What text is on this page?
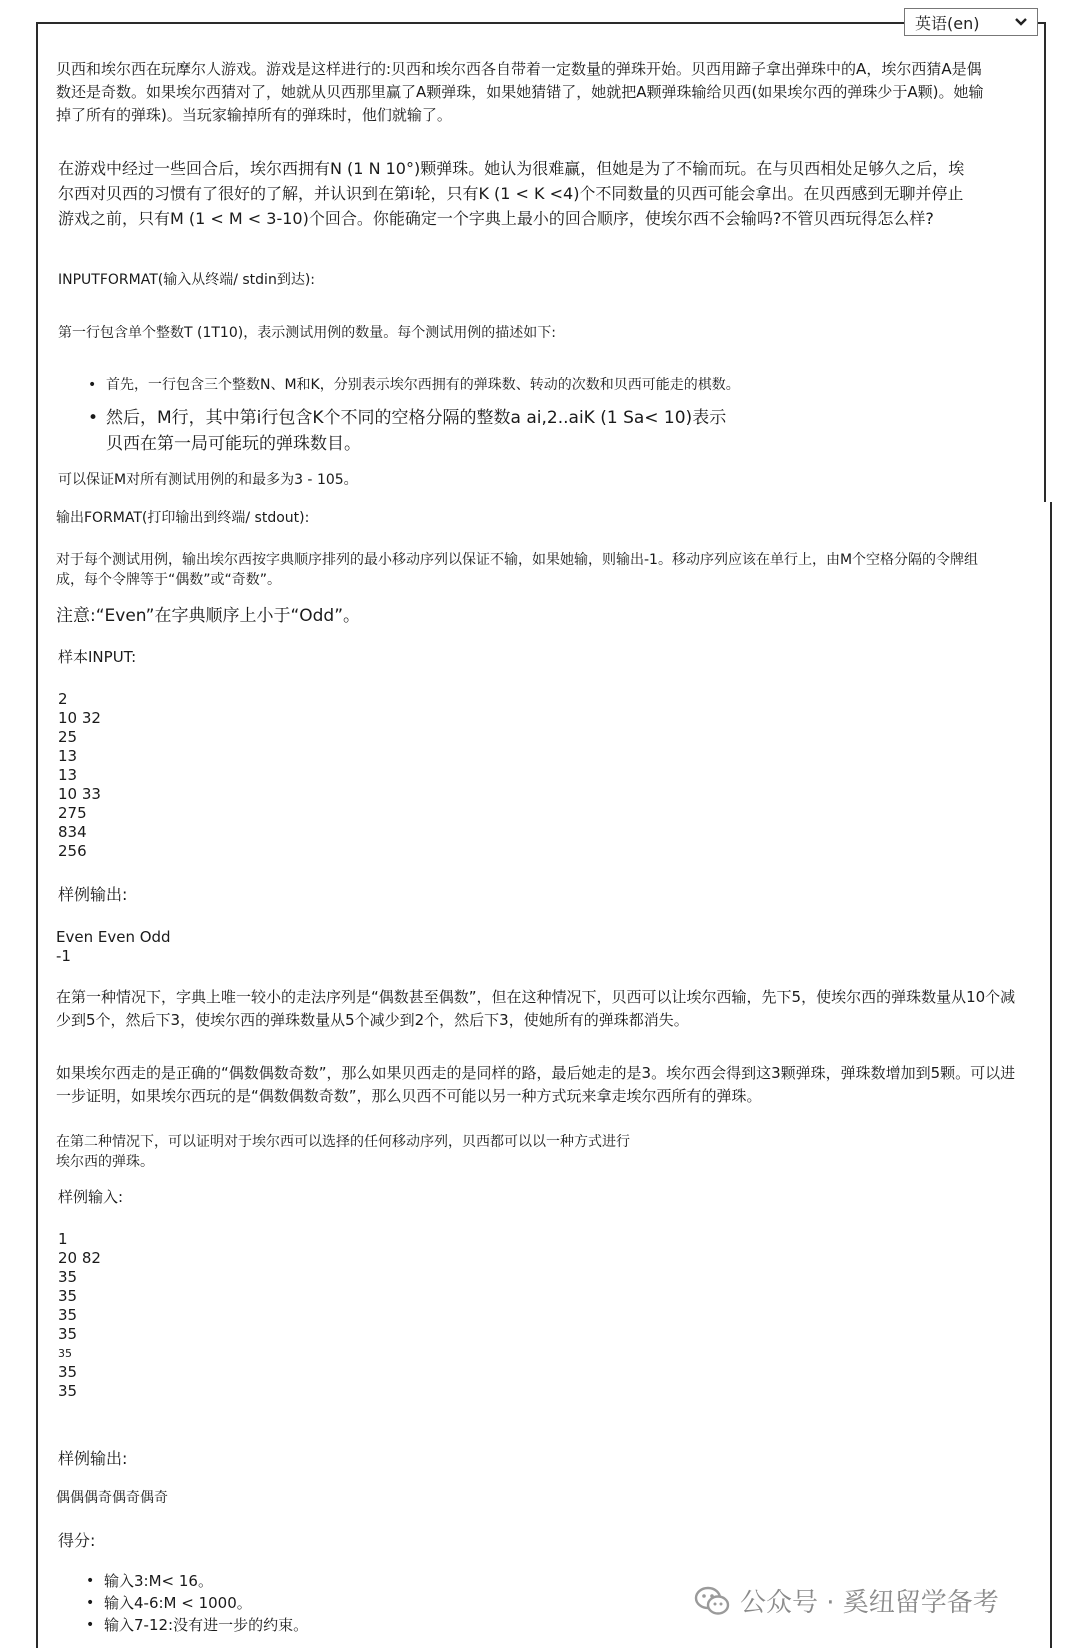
英语(en)

贝西和埃尔西在玩摩尔人游戏。游戏是这样进行的:贝西和埃尔西各自带着一定数量的弹珠开始。贝西用蹄子拿出弹珠中的A，埃尔西猜A是偶数还是奇数。如果埃尔西猜对了，她就从贝西那里赢了A颗弹珠，如果她猜错了，她就把A颗弹珠输给贝西(如果埃尔西的弹珠少于A颗)。她输掉了所有的弹珠)。当玩家输掉所有的弹珠时，他们就输了。

在游戏中经过一些回合后，埃尔西拥有N (1 N 10°)颗弹珠。她认为很难赢，但她是为了不输而玩。在与贝西相处足够久之后，埃尔西对贝西的习惯有了很好的了解，并认识到在第i轮，只有K (1 < K <4)个不同数量的贝西可能会拿出。在贝西感到无聊并停止游戏之前，只有M (1 < M < 3-10)个回合。你能确定一个字典上最小的回合顺序，使埃尔西不会输吗?不管贝西玩得怎么样?

INPUTFORMAT(输入从终端/ stdin到达):

第一行包含单个整数T (1T10)，表示测试用例的数量。每个测试用例的描述如下:

• 首先，一行包含三个整数N、M和K，分别表示埃尔西拥有的弹珠数、转动的次数和贝西可能走的棋数。
• 然后，M行，其中第i行包含K个不同的空格分隔的整数a ai,2..aiK (1 Sa< 10)表示
贝西在第一局可能玩的弹珠数目。

可以保证M对所有测试用例的和最多为3 - 105。

输出FORMAT(打印输出到终端/ stdout):

对于每个测试用例，输出埃尔西按字典顺序排列的最小移动序列以保证不输，如果她输，则输出-1。移动序列应该在单行上，由M个空格分隔的令牌组成，每个令牌等于“偶数”或“奇数”。

注意:“Even”在字典顺序上小于“Odd”。

样本INPUT:

2
10 32
25
13
13
10 33
275
834
256

样例输出:

Even Even Odd
-1

在第一种情况下，字典上唯一较小的走法序列是“偶数甚至偶数”，但在这种情况下，贝西可以让埃尔西输，先下5，使埃尔西的弹珠数量从10个减少到5个，然后下3，使埃尔西的弹珠数量从5个减少到2个，然后下3，使她所有的弹珠都消失。

如果埃尔西走的是正确的“偶数偶数奇数”，那么如果贝西走的是同样的路，最后她走的是3。埃尔西会得到这3颗弹珠，弹珠数增加到5颗。可以进一步证明，如果埃尔西玩的是“偶数偶数奇数”，那么贝西不可能以另一种方式玩来拿走埃尔西所有的弹珠。

在第二种情况下，可以证明对于埃尔西可以选择的任何移动序列，贝西都可以以一种方式进行
埃尔西的弹珠。

样例输入:

1
20 82
35
35
35
35
35
35
35

样例输出:

偶偶偶奇偶奇偶奇

得分:

• 输入3:M< 16。
• 输入4-6:M < 1000。
• 输入7-12:没有进一步的约束。
公众号 · 奚纽留学备考
